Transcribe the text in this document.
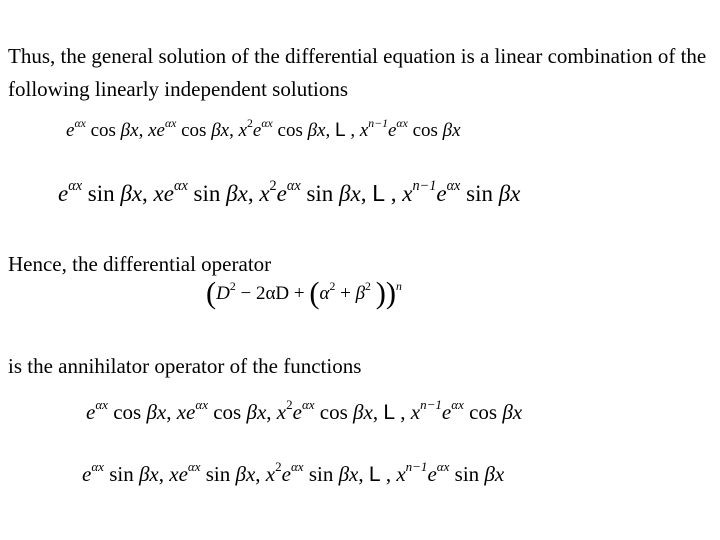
Thus, the general solution of the differential equation is a linear combination of the following linearly independent solutions

$e^{\alpha x}$ cos βx, $xe^{\alpha x}$ cos βx, $x^2e^{\alpha x}$ cos βx, L , $x^{n-1}e^{\alpha x}$ cos βx
$e^{\alpha x}$ sin βx, $xe^{\alpha x}$ sin βx, $x^2e^{\alpha x}$ sin βx, L , $x^{n-1}e^{\alpha x}$ sin βx

Hence, the differential operator

($D^2 - 2\alpha D + (\alpha^2 + \beta^2$ ))$^n$

is the annihilator operator of the functions

$e^{\alpha x}$ cos βx, $xe^{\alpha x}$ cos βx, $x^2e^{\alpha x}$ cos βx, L , $x^{n-1}e^{\alpha x}$ cos βx
$e^{\alpha x}$ sin βx, $xe^{\alpha x}$ sin βx, $x^2e^{\alpha x}$ sin βx, L , $x^{n-1}e^{\alpha x}$ sin βx
